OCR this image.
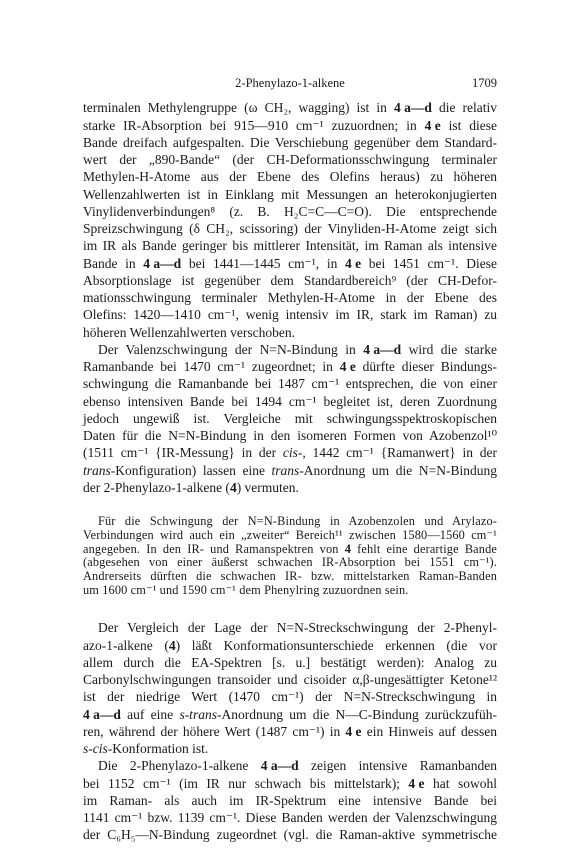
2-Phenylazo-1-alkene	1709
terminalen Methylengruppe (ω CH₂, wagging) ist in 4 a—d die relativ
starke IR-Absorption bei 915—910 cm⁻¹ zuzuordnen; in 4 e ist diese
Bande dreifach aufgespalten. Die Verschiebung gegenüber dem Standard-
wert der „890-Bande“ (der CH-Deformationsschwingung terminaler
Methylen-H-Atome aus der Ebene des Olefins heraus) zu höheren
Wellenzahlwerten ist in Einklang mit Messungen an heterokonjugierten
Vinylidenverbindungen⁸ (z. B. H₂C=C—C=O). Die entsprechende
Spreizschwingung (δ CH₂, scissoring) der Vinyliden-H-Atome zeigt sich
im IR als Bande geringer bis mittlerer Intensität, im Raman als intensive
Bande in 4 a—d bei 1441—1445 cm⁻¹, in 4 e bei 1451 cm⁻¹. Diese
Absorptionslage ist gegenüber dem Standardbereich⁹ (der CH-Defor-
mationsschwingung terminaler Methylen-H-Atome in der Ebene des
Olefins: 1420—1410 cm⁻¹, wenig intensiv im IR, stark im Raman) zu
höheren Wellenzahlwerten verschoben.
Der Valenzschwingung der N=N-Bindung in 4 a—d wird die starke
Ramanbande bei 1470 cm⁻¹ zugeordnet; in 4 e dürfte dieser Bindungs-
schwingung die Ramanbande bei 1487 cm⁻¹ entsprechen, die von einer
ebenso intensiven Bande bei 1494 cm⁻¹ begleitet ist, deren Zuordnung
jedoch ungewiß ist. Vergleiche mit schwingungsspektroskopischen
Daten für die N=N-Bindung in den isomeren Formen von Azobenzol¹⁰
(1511 cm⁻¹ {IR-Messung} in der cis-, 1442 cm⁻¹ {Ramanwert} in der
trans-Konfiguration) lassen eine trans-Anordnung um die N=N-Bindung
der 2-Phenylazo-1-alkene (4) vermuten.
Für die Schwingung der N=N-Bindung in Azobenzolen und Arylazo-
Verbindungen wird auch ein „zweiter“ Bereich¹¹ zwischen 1580—1560 cm⁻¹
angegeben. In den IR- und Ramanspektren von 4 fehlt eine derartige Bande
(abgesehen von einer äußerst schwachen IR-Absorption bei 1551 cm⁻¹).
Andrerseits dürften die schwachen IR- bzw. mittelstarken Raman-Banden
um 1600 cm⁻¹ und 1590 cm⁻¹ dem Phenylring zuzuordnen sein.
Der Vergleich der Lage der N=N-Streckschwingung der 2-Phenyl-
azo-1-alkene (4) läßt Konformationsunterschiede erkennen (die vor
allem durch die EA-Spektren [s. u.] bestätigt werden): Analog zu
Carbonylschwingungen transoider und cisoider α,β-ungesättigter Ketone¹²
ist der niedrige Wert (1470 cm⁻¹) der N=N-Streckschwingung in
4 a—d auf eine s-trans-Anordnung um die N—C-Bindung zurückzufüh-
ren, während der höhere Wert (1487 cm⁻¹) in 4 e ein Hinweis auf dessen
s-cis-Konformation ist.
Die 2-Phenylazo-1-alkene 4 a—d zeigen intensive Ramanbanden
bei 1152 cm⁻¹ (im IR nur schwach bis mittelstark); 4 e hat sowohl
im Raman- als auch im IR-Spektrum eine intensive Bande bei
1141 cm⁻¹ bzw. 1139 cm⁻¹. Diese Banden werden der Valenzschwingung
der C₆H₅—N-Bindung zugeordnet (vgl. die Raman-aktive symmetrische
